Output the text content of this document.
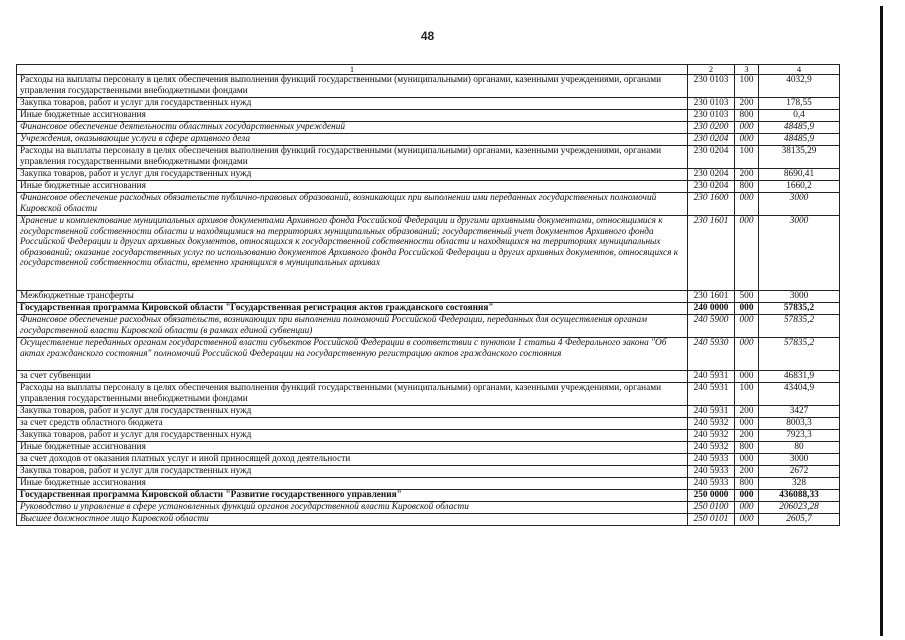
48
1	2	3	4
Расходы на выплаты персоналу в целях обеспечения выполнения функций государственными (муниципальными) органами, казенными учреждениями, органами управления государственными внебюджетными фондами	230 0103	100	4032,9
Закупка товаров, работ и услуг для государственных нужд	230 0103	200	178,55
Иные бюджетные ассигнования	230 0103	800	0,4
Финансовое обеспечение деятельности областных государственных учреждений	230 0200	000	48485,9
Учреждения, оказывающие услуги в сфере архивного дела	230 0204	000	48485,9
Расходы на выплаты персоналу в целях обеспечения выполнения функций государственными (муниципальными) органами, казенными учреждениями, органами управления государственными внебюджетными фондами	230 0204	100	38135,29
Закупка товаров, работ и услуг для государственных нужд	230 0204	200	8690,41
Иные бюджетные ассигнования	230 0204	800	1660,2
Финансовое обеспечение расходных обязательств публично-правовых образований, возникающих при выполнении ими переданных государственных полномочий Кировской области	230 1600	000	3000
Хранение и комплектование муниципальных архивов документами Архивного фонда Российской Федерации и другими архивными документами, относящимися к государственной собственности области и находящимися на территориях муниципальных образований; государственный учет документов Архивного фонда Российской Федерации и других архивных документов, относящихся к государственной собственности области и находящихся на территориях муниципальных образований; оказание государственных услуг по использованию документов Архивного фонда Российской Федерации и других архивных документов, относящихся к государственной собственности области, временно хранящихся в муниципальных архивах	230 1601	000	3000
Межбюджетные трансферты	230 1601	500	3000
Государственная программа Кировской области "Государственная регистрация актов гражданского состояния"	240 0000	000	57835,2
Финансовое обеспечение расходных обязательств, возникающих при выполнении полномочий Российской Федерации, переданных для осуществления органам государственной власти Кировской области (в рамках единой субвенции)	240 5900	000	57835,2
Осуществление переданных органам государственной власти субъектов Российской Федерации в соответствии с пунктом 1 статьи 4 Федерального закона "Об актах гражданского состояния" полномочий Российской Федерации на государственную регистрацию актов гражданского состояния	240 5930	000	57835,2
за счет субвенции	240 5931	000	46831,9
Расходы на выплаты персоналу в целях обеспечения выполнения функций государственными (муниципальными) органами, казенными учреждениями, органами управления государственными внебюджетными фондами	240 5931	100	43404,9
Закупка товаров, работ и услуг для государственных нужд	240 5931	200	3427
за счет средств областного бюджета	240 5932	000	8003,3
Закупка товаров, работ и услуг для государственных нужд	240 5932	200	7923,3
Иные бюджетные ассигнования	240 5932	800	80
за счет доходов от оказания платных услуг и иной приносящей доход деятельности	240 5933	000	3000
Закупка товаров, работ и услуг для государственных нужд	240 5933	200	2672
Иные бюджетные ассигнования	240 5933	800	328
Государственная программа Кировской области "Развитие государственного управления"	250 0000	000	436088,33
Руководство и управление в сфере установленных функций органов государственной власти Кировской области	250 0100	000	206023,28
Высшее должностное лицо Кировской области	250 0101	000	2605,7
